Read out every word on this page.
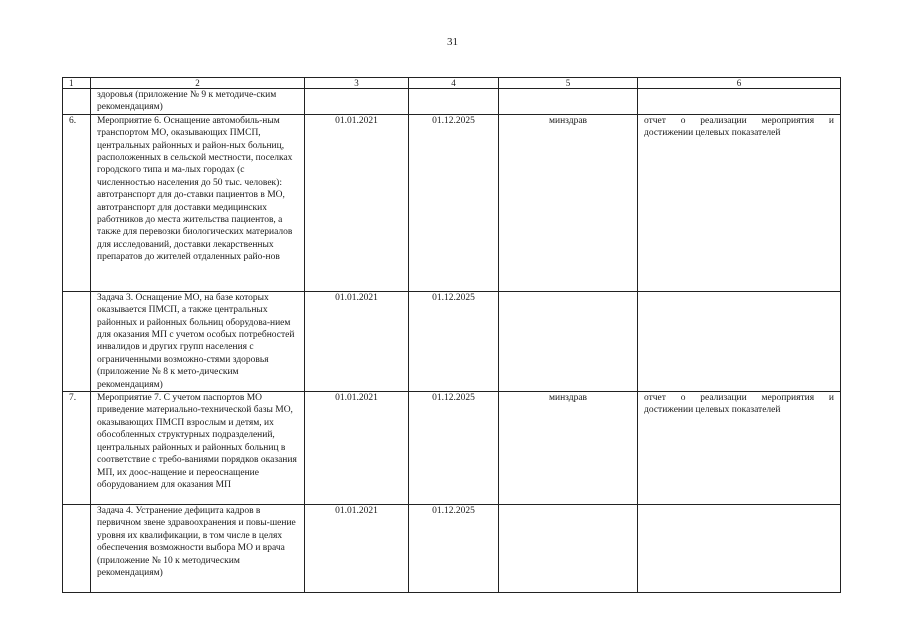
31
1	2	3	4	5	6
	здоровья (приложение № 9 к методиче-ским рекомендациям)				
6.	Мероприятие 6. Оснащение автомобиль-ным транспортом МО, оказывающих ПМСП, центральных районных и район-ных больниц, расположенных в сельской местности, поселках городского типа и ма-лых городах (с численностью населения до 50 тыс. человек): автотранспорт для до-ставки пациентов в МО, автотранспорт для доставки медицинских работников до места жительства пациентов, а также для перевозки биологических материалов для исследований, доставки лекарственных препаратов до жителей отдаленных райо-нов	01.01.2021	01.12.2025	минздрав	отчет о реализации мероприятия и достижении целевых показателей
	Задача 3. Оснащение МО, на базе которых оказывается ПМСП, а также центральных районных и районных больниц оборудова-нием для оказания МП с учетом особых потребностей инвалидов и других групп населения с ограниченными возможно-стями здоровья (приложение № 8 к мето-дическим рекомендациям)	01.01.2021	01.12.2025		
7.	Мероприятие 7. С учетом паспортов МО приведение материально-технической базы МО, оказывающих ПМСП взрослым и детям, их обособленных структурных подразделений, центральных районных и районных больниц в соответствие с требо-ваниями порядков оказания МП, их доос-нащение и переоснащение оборудованием для оказания МП	01.01.2021	01.12.2025	минздрав	отчет о реализации мероприятия и достижении целевых показателей
	Задача 4. Устранение дефицита кадров в первичном звене здравоохранения и повы-шение уровня их квалификации, в том числе в целях обеспечения возможности выбора МО и врача (приложение № 10 к методическим рекомендациям)	01.01.2021	01.12.2025		
